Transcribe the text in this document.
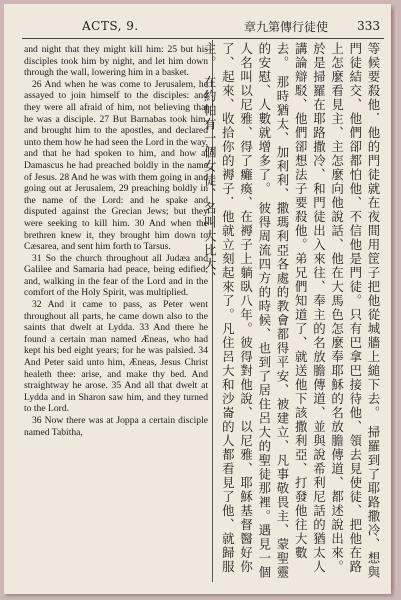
ACTS, 9.	章九第傳行徒使 333

and night that they might kill him: 25 but his disciples took him by night, and let him down through the wall, lowering him in a basket.

26 And when he was come to Jerusalem, he assayed to join himself to the disciples: and they were all afraid of him, not believing that he was a disciple. 27 But Barnabas took him, and brought him to the apostles, and declared unto them how he had seen the Lord in the way, and that he had spoken to him, and how at Damascus he had preached boldly in the name of Jesus. 28 And he was with them going in and going out at Jerusalem, 29 preaching boldly in the name of the Lord: and he spake and disputed against the Grecian Jews; but they were seeking to kill him. 30 And when the brethren knew it, they brought him down to Cæsarea, and sent him forth to Tarsus.

31 So the church throughout all Judæa and Galilee and Samaria had peace, being edified; and, walking in the fear of the Lord and in the comfort of the Holy Spirit, was multiplied.

32 And it came to pass, as Peter went throughout all parts, he came down also to the saints that dwelt at Lydda. 33 And there he found a certain man named Æneas, who had kept his bed eight years; for he was palsied. 34 And Peter said unto him, Æneas, Jesus Christ healeth thee: arise, and make thy bed. And straightway he arose. 35 And all that dwelt at Lydda and in Sharon saw him, and they turned to the Lord.

36 Now there was at Joppa a certain disciple named Tabitha,

等候要殺他．他的門徒就在夜間用筐子把他從城牆上縋下去。 掃羅到了耶路撒冷、想與門徒結交、他們卻都怕他、不信他是門徒。只有巴拿巴接待他、領去見使徒、把他在路上怎麼看見主、主怎麼向他說話、他在大馬色怎麼奉耶穌的名放膽傳道、都述說出來。於是掃羅在耶路撒冷、和門徒出入來往、奉主的名放膽傳道、並與說希利尼話的猶太人講論辯駁、他們卻想法子要殺他。弟兄們知道了、就送他下該撒利亞、打發他往大數去。 那時猶太、加利利、撒瑪利亞各處的教會都得平安、被建立、凡事敬畏主、蒙聖靈的安慰、人數就增多了。 彼得周流四方的時候、也到了居住呂大的聖徒那裡。遇見一個人名叫以尼雅、得了癱瘓、在褥子上躺臥八年。彼得對他說、以尼雅、耶穌基督醫好你了、起來、收拾你的褥子．他就立刻起來了。凡住呂大和沙崙的人都看見了他、就歸服主。 在約帕有一個女徒、名叫大比大、
